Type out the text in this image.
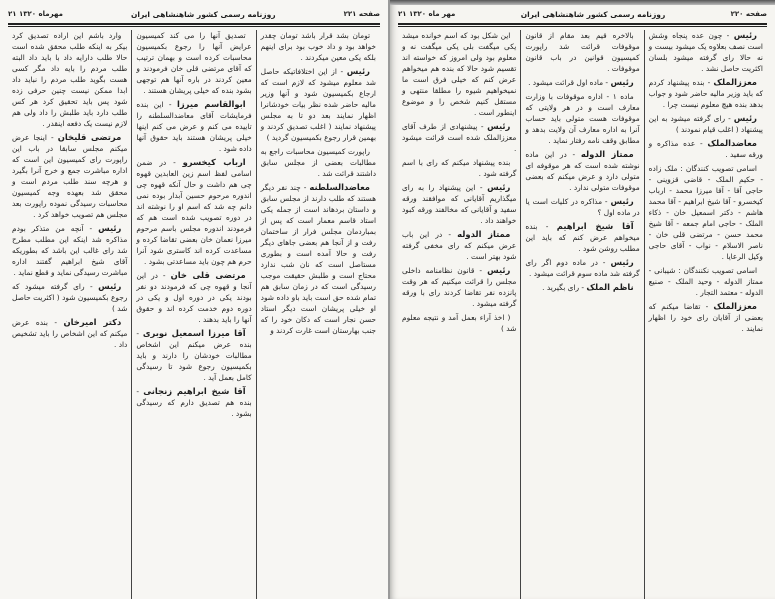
۲۱ مهرماه ۱۳۲۰	روزنامه رسمی کشور شاهنشاهی ایران	صفحه ۲۲۱

تومان بشد قرار باشد تومان چقدر خواهد بود و داد خوب بود برای اینهم بلکه یکی معین میکردند .

رئیس - از این اختلافاتیکه حاصل شد معلوم میشود که لازم است که ارجاع بکمیسیون شود و آنها وزیر مالیه حاضر شده نظر بیات خودشانرا اظهار نمایند بعد دو تا به مجلس پیشنهاد نمایند ( اغلب تصدیق کردند و بهمین قرار رجوع بکمیسیون گردید )

راپورت کمیسیون محاسبات راجع به مطالبات بعضی از مجلس سابق داشتند قرائت شد .

معاضدالسلطنه - چند نفر دیگر هستند که طلب دارند از مجلس سابق و داستان بردهاند است از جمله یکی استاد قاسم معمار است که پس از بمباردمان مجلس فرار از ساختمان رفت و از آنجا هم بعضی جاهای دیگر رفت و حالا آمده است و بطوری مستاصل است که نان شب ندارد محتاج است و طلبش حقیقت موجب رسیدگی است که در زمان سابق هم تمام شده حق است باید باو داده شود او خیلی پریشان است دیگر استاد حسن نجار است که دکان خود را که جنب بهارستان است غارت کردند و

تصدیق آنها را می کند کمیسیون عرایض آنها را رجوع بکمیسیون محاسبات کرده است و بهمان ترتیب که آقای مرتضی قلی خان فرمودند و معین کردند در باره آنها هم توجهی بشود بنده که خیلی پریشان هستند .

ابوالقاسم میرزا - این بنده فرمایشات آقای معاضدالسلطنه را تاییده می کنم و عرض می کنم اینها خیلی پریشان هستند باید حقوق آنها داده شود .

ارباب کیخسرو - در ضمن اسامی لفظ اسم زین العابدین قهوه چی هم داشت و حال آنکه قهوه چی اندوره مرحوم حسین آبدار بوده نمی دانم چه شد که اسم او را نوشته اند در دوره تصویب شده است هم که فرمودند اندوره مجلس باسم مرحوم میرزا نعمان خان بعضی تقاضا کرده و مساعدت کرده اند کاستری شود آنرا حرم هم چون باید مساعدتی بشود .

مرتضی قلی خان - در این آنجا و قهوه چی که فرمودند دو نفر بودند یکی در دوره اول و یکی در دوره دوم خدمت کرده اند و حقوق آنها را باید بدهند .

آقا میرزا اسمعیل نوبری - بنده عرض میکنم این اشخاص مطالبات خودشان را دارند و باید بکمیسیون رجوع شود تا رسیدگی کامل بعمل آید .

آقا شیخ ابراهیم زنجانی - بنده هم تصدیق دارم که رسیدگی بشود .

وارد باشم این اراده تصدیق کرد بیکر به اینکه طلب محقق شده است حالا طلب دارایه داد با باید داد البته طلب مردم را بایه داد مگر کسی هست بگوید طلب مردم را نباید داد ابدا ممکن نیست چنین حرفی زده شود پس باید تحقیق کرد هر کس طلب دارد باید طلبش را داد ولی هم لازم نیست یک دفعه اینقدر .

مرتضی قلیخان - اینجا عرض میکنم مجلس سابقا در باب این راپورت رای کمیسیون این است که اداره مباشرت جمع و خرج آنرا بگیرد و هرچه سند طلب مردم است و محقق شد بعهده وجه کمیسیون محاسبات رسیدگی نموده راپورت بعد مجلس هم تصویب خواهد کرد .

رئیس - آنچه من متذکر بودم مذاکره شد اینکه این مطلب مطرح شد رای غالب این باشد که بطوریکه آقای شیخ ابراهیم گفتند اداره مباشرت رسیدگی نماید و قطع نماید .

رئیس - رای گرفته میشود که رجوع بکمیسیون شود ( اکثریت حاصل شد )

دکتر امیرخان - بنده عرض میکنم که این اشخاص را باید تشخیص داد .

۲۱ مهر ماه ۱۳۲۰	روزنامه رسمی کشور شاهنشاهی ایران	صفحه ۲۲۰

رئیس - چون عده پنجاه وشش است نصف بعلاوه یک میشود بیست و نه حالا رای گرفته میشود بلسان اکثریت حاصل نشد .

معززالملک - بنده پیشنهاد کردم که باید وزیر مالیه حاضر شود و جواب بدهد بنده هیچ معلوم نیست چرا .

رئیس - رای گرفته میشود به این پیشنهاد ( اغلب قیام نمودند )

معاضدالملک - عده مذاکره و ورقه سفید .

اسامی تصویب کنندگان : ملک زاده - حکیم الملک - قاضی قزوینی - حاجی آقا - آقا میرزا محمد - ارباب کیخسرو - آقا شیخ ابراهیم - آقا محمد هاشم - دکتر اسمعیل خان - ذکاء الملک - حاجی امام جمعه - آقا شیخ محمد حسن - مرتضی قلی خان - ناصر الاسلام - نواب - آقای حاجی وکیل الرعایا .

اسامی تصویب نکنندگان : شیبانی - ممتاز الدوله - وحید الملک - صنیع الدوله - معتمد التجار .

معززالملک - تقاضا میکنم که بعضی از آقایان رای خود را اظهار نمایند .

بالاخره قیم بعد مقام از قانون موقوفات قرائت شد راپورت کمیسیون قوانین در باب قانون موقوفات .

رئیس - ماده اول قرائت میشود .

ماده ۱ - اداره موقوفات با وزارت معارف است و در هر ولایتی که موقوفات هست متولی باید حساب آنرا به اداره معارف آن ولایت بدهد و مطابق وقف نامه رفتار نماید .

ممتاز الدوله - در این ماده نوشته شده است که هر موقوفه ای متولی دارد و عرض میکنم که بعضی موقوفات متولی ندارد .

رئیس - مذاکره در کلیات است یا در ماده اول ؟

آقا شیخ ابراهیم - بنده میخواهم عرض کنم که باید این مطلب روشن شود .

رئیس - در ماده دوم اگر رای گرفته شد ماده سوم قرائت میشود .

ناظم الملک - رای بگیرید .

این شکل بود که اسم خوانده میشد یکی میگفت بلی یکی میگفت نه و معلوم بود ولی امروز که خواسته اند تقسیم شود حالا که بنده هم میخواهم عرض کنم که خیلی فرق است ما نمیخواهیم شیوه را مطلقا منتهی و مستقل کنیم شخص را و موضوع اینطور است .

رئیس - پیشنهادی از طرف آقای معززالملک شده است قرائت میشود .

بنده پیشنهاد میکنم که رای با اسم گرفته شود .

رئیس - این پیشنهاد را به رای میگذاریم آقایانی که موافقند ورقه سفید و آقایانی که مخالفند ورقه کبود خواهند داد .

ممتاز الدوله - در این باب عرض میکنم که رای مخفی گرفته شود بهتر است .

رئیس - قانون نظامنامه داخلی مجلس را قرائت میکنیم که هر وقت پانزده نفر تقاضا کردند رای با ورقه گرفته میشود .

( اخذ آراء بعمل آمد و نتیجه معلوم شد )
